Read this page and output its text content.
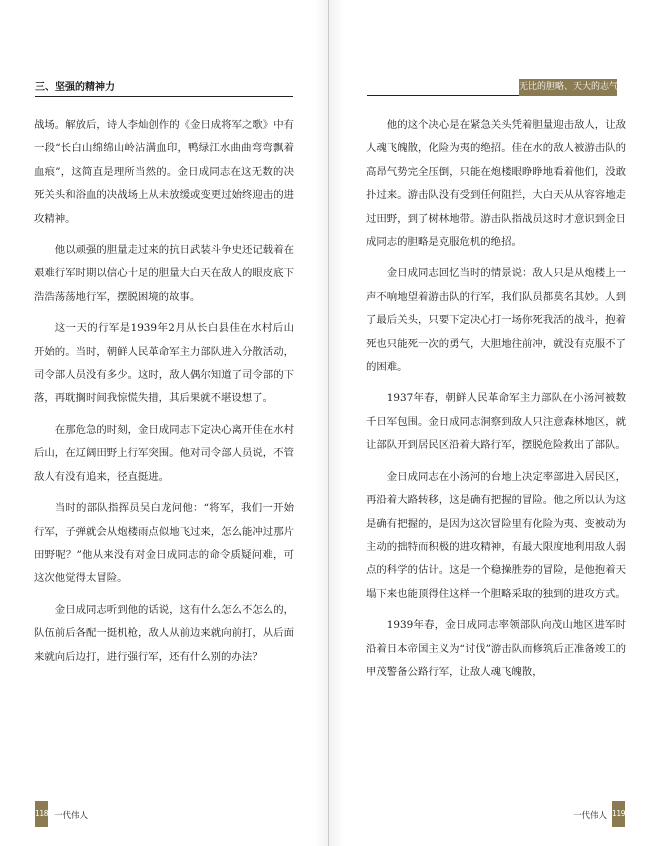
三、坚强的精神力

战场。解放后，诗人李灿创作的《金日成将军之歌》中有一段“长白山绵绵山岭沾满血印，鸭绿江水曲曲弯弯飘着血痕”，这简直是理所当然的。金日成同志在这无数的决死关头和浴血的决战场上从未放缓或变更过始终迎击的进攻精神。

他以顽强的胆量走过来的抗日武装斗争史还记载着在艰难行军时期以信心十足的胆量大白天在敌人的眼皮底下浩浩荡荡地行军，摆脱困境的故事。

这一天的行军是1939年2月从长白县佳在水村后山开始的。当时，朝鲜人民革命军主力部队进入分散活动，司令部人员没有多少。这时，敌人偶尔知道了司令部的下落，再耽搁时间我惊慌失措，其后果就不堪设想了。

在那危急的时刻，金日成同志下定决心离开佳在水村后山，在辽阔田野上行军突围。他对司令部人员说，不管敌人有没有追来，径直挺进。

当时的部队指挥员吴白龙问他：“将军，我们一开始行军，子弹就会从炮楼雨点似地飞过来，怎么能冲过那片田野呢？”他从来没有对金日成同志的命令质疑问难，可这次他觉得太冒险。

金日成同志听到他的话说，这有什么怎么不怎么的，队伍前后各配一挺机枪，敌人从前边来就向前打，从后面来就向后边打，进行强行军，还有什么别的办法？

118 一代伟人
无比的胆略、天大的志气

他的这个决心是在紧急关头凭着胆量迎击敌人，让敌人魂飞魄散，化险为夷的绝招。佳在水的敌人被游击队的高昂气势完全压倒，只能在炮楼眼睁睁地看着他们，没敢扑过来。游击队没有受到任何阻拦，大白天从从容容地走过田野，到了树林地带。游击队指战员这时才意识到金日成同志的胆略是克服危机的绝招。

金日成同志回忆当时的情景说：敌人只是从炮楼上一声不响地望着游击队的行军，我们队员都莫名其妙。人到了最后关头，只要下定决心打一场你死我活的战斗，抱着死也只能死一次的勇气，大胆地往前冲，就没有克服不了的困难。

1937年春，朝鲜人民革命军主力部队在小汤河被数千日军包围。金日成同志洞察到敌人只注意森林地区，就让部队开到居民区沿着大路行军，摆脱危险救出了部队。

金日成同志在小汤河的台地上决定率部进入居民区，再沿着大路转移，这是确有把握的冒险。他之所以认为这是确有把握的，是因为这次冒险里有化险为夷、变被动为主动的拙特而积极的进攻精神，有最大限度地利用敌人弱点的科学的估计。这是一个稳操胜券的冒险，是他抱着天塌下来也能顶得住这样一个胆略采取的独到的进攻方式。

1939年春，金日成同志率领部队向茂山地区进军时沿着日本帝国主义为“讨伐”游击队而修筑后正准备竣工的甲茂警备公路行军，让敌人魂飞魄散，

一代伟人 119
